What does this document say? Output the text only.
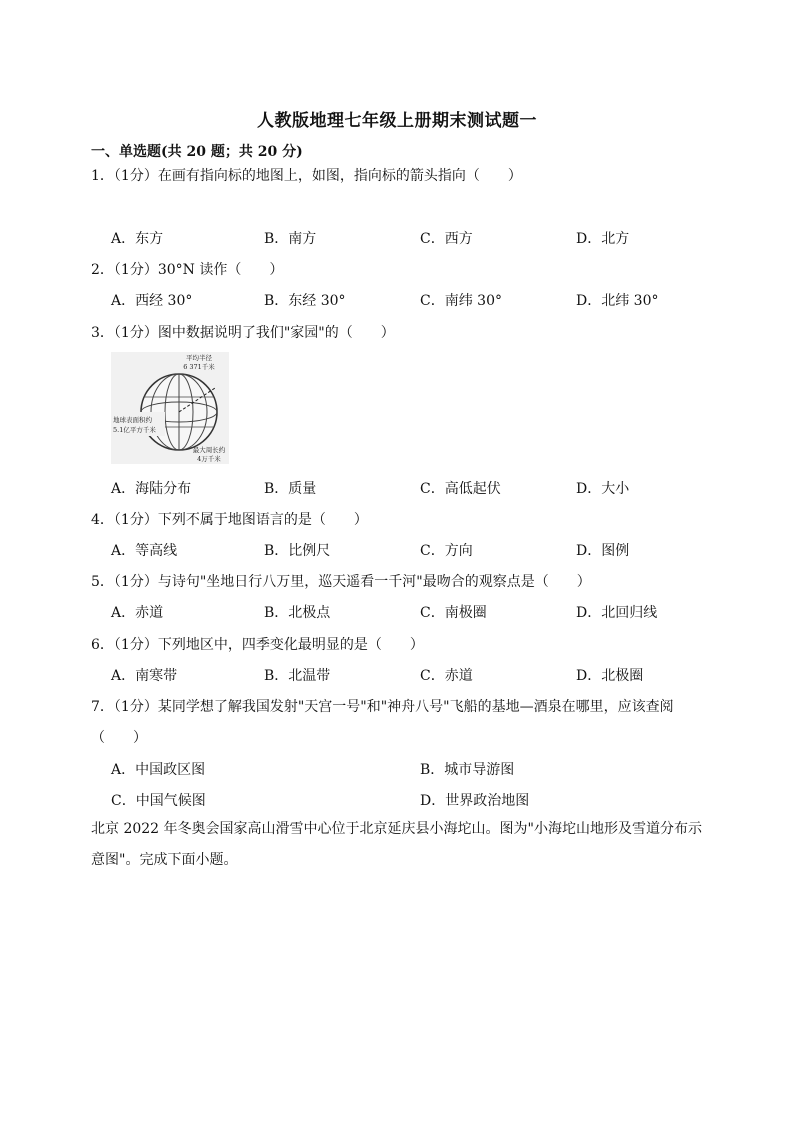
人教版地理七年级上册期末测试题一
一、单选题(共 20 题；共 20 分)
1．（1分）在画有指向标的地图上，如图，指向标的箭头指向（　　）
A．东方	B．南方	C．西方	D．北方
2．（1分）30°N 读作（　　）
A．西经 30°	B．东经 30°	C．南纬 30°	D．北纬 30°
3．（1分）图中数据说明了我们"家园"的（　　）
平均半径
6 371千米
地球表面积约
5.1亿平方千米
最大周长约
4万千米
A．海陆分布	B．质量	C．高低起伏	D．大小
4．（1分）下列不属于地图语言的是（　　）
A．等高线	B．比例尺	C．方向	D．图例
5．（1分）与诗句"坐地日行八万里，巡天遥看一千河"最吻合的观察点是（　　）
A．赤道	B．北极点	C．南极圈	D．北回归线
6．（1分）下列地区中，四季变化最明显的是（　　）
A．南寒带	B．北温带	C．赤道	D．北极圈
7．（1分）某同学想了解我国发射"天宫一号"和"神舟八号"飞船的基地—酒泉在哪里，应该查阅
（　　）
A．中国政区图	B．城市导游图
C．中国气候图	D．世界政治地图
北京 2022 年冬奥会国家高山滑雪中心位于北京延庆县小海坨山。图为"小海坨山地形及雪道分布示意图"。完成下面小题。
